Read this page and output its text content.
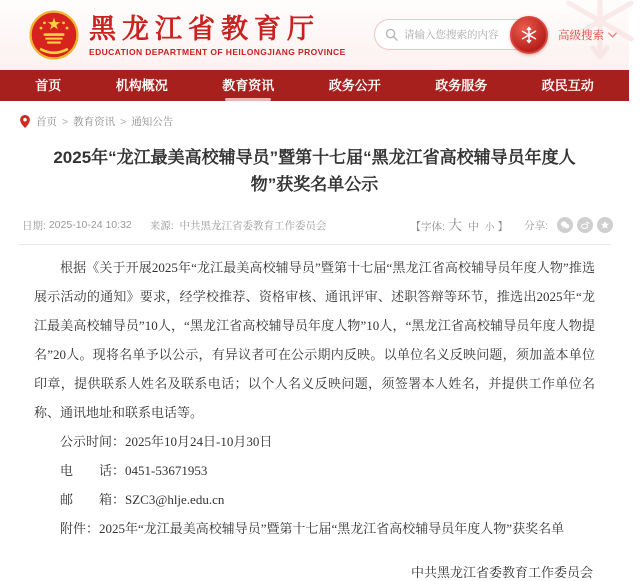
黑龙江省教育厅
EDUCATION DEPARTMENT OF HEILONGJIANG PROVINCE
请输入您搜索的内容
高级搜索
首页	机构概况	教育资讯	政务公开	政务服务	政民互动
首页 > 教育资讯 > 通知公告
2025年“龙江最美高校辅导员”暨第十七届“黑龙江省高校辅导员年度人物”获奖名单公示
日期:
2025-10-24 10:32 来源: 中共黑龙江省委教育工作委员会	【字体: 大 中 小 】 分享:

根据《关于开展2025年“龙江最美高校辅导员”暨第十七届“黑龙江省高校辅导员年度人物”推选展示活动的通知》要求，经学校推荐、资格审核、通讯评审、述职答辩等环节，推选出2025年“龙江最美高校辅导员”10人，“黑龙江省高校辅导员年度人物”10人，“黑龙江省高校辅导员年度人物提名”20人。现将名单予以公示，有异议者可在公示期内反映。以单位名义反映问题，须加盖本单位印章，提供联系人姓名及联系电话；以个人名义反映问题，须签署本人姓名，并提供工作单位名称、通讯地址和联系电话等。

公示时间：2025年10月24日-10月30日

电　　话：0451-53671953

邮　　箱：SZC3@hlje.edu.cn

附件：2025年“龙江最美高校辅导员”暨第十七届“黑龙江省高校辅导员年度人物”获奖名单

中共黑龙江省委教育工作委员会
